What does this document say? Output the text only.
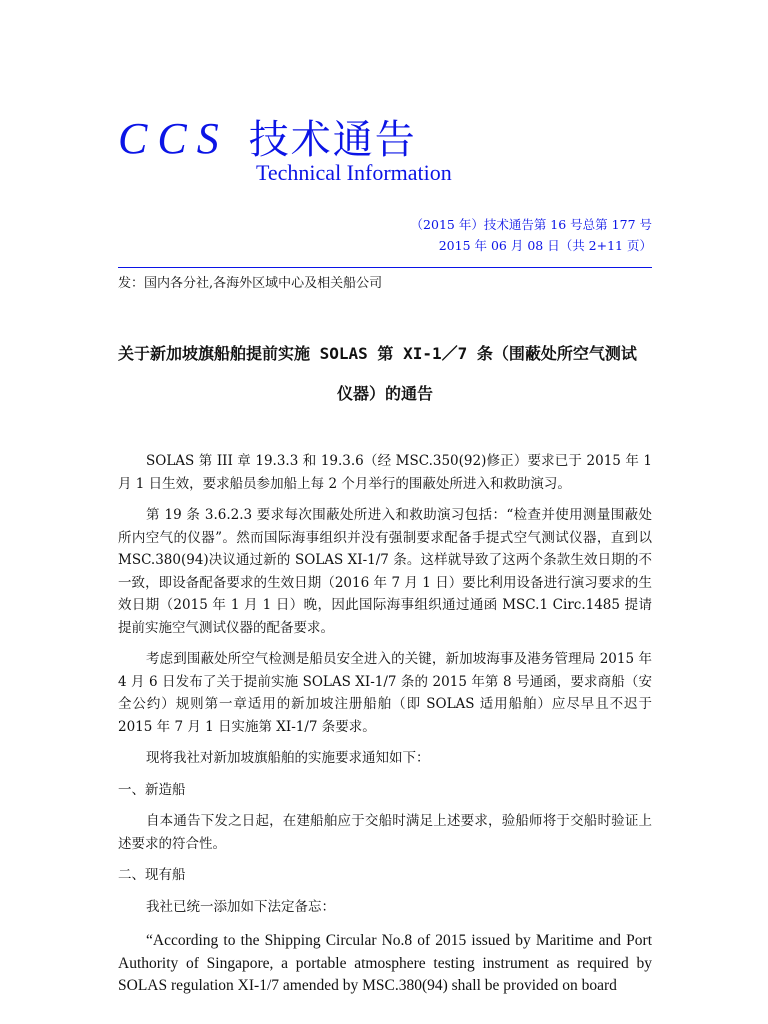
CCS 技术通告
Technical Information
（2015 年）技术通告第 16 号总第 177 号
2015 年 06 月 08 日（共 2+11 页）
发：国内各分社,各海外区域中心及相关船公司
关于新加坡旗船舶提前实施 SOLAS 第 XI-1／7 条（围蔽处所空气测试
仪器）的通告

SOLAS 第 III 章 19.3.3 和 19.3.6（经 MSC.350(92)修正）要求已于 2015 年 1 月 1 日生效，要求船员参加船上每 2 个月举行的围蔽处所进入和救助演习。

第 19 条 3.6.2.3 要求每次围蔽处所进入和救助演习包括：“检查并使用测量围蔽处所内空气的仪器”。然而国际海事组织并没有强制要求配备手提式空气测试仪器，直到以 MSC.380(94)决议通过新的 SOLAS XI-1/7 条。这样就导致了这两个条款生效日期的不一致，即设备配备要求的生效日期（2016 年 7 月 1 日）要比利用设备进行演习要求的生效日期（2015 年 1 月 1 日）晚，因此国际海事组织通过通函 MSC.1 Circ.1485 提请提前实施空气测试仪器的配备要求。

考虑到围蔽处所空气检测是船员安全进入的关键，新加坡海事及港务管理局 2015 年 4 月 6 日发布了关于提前实施 SOLAS XI-1/7 条的 2015 年第 8 号通函，要求商船（安全公约）规则第一章适用的新加坡注册船舶（即 SOLAS 适用船舶）应尽早且不迟于 2015 年 7 月 1 日实施第 XI-1/7 条要求。

现将我社对新加坡旗船舶的实施要求通知如下：

一、新造船

自本通告下发之日起，在建船舶应于交船时满足上述要求，验船师将于交船时验证上述要求的符合性。

二、现有船

我社已统一添加如下法定备忘：

“According to the Shipping Circular No.8 of 2015 issued by Maritime and Port Authority of Singapore, a portable atmosphere testing instrument as required by SOLAS regulation XI-1/7 amended by MSC.380(94) shall be provided on board
